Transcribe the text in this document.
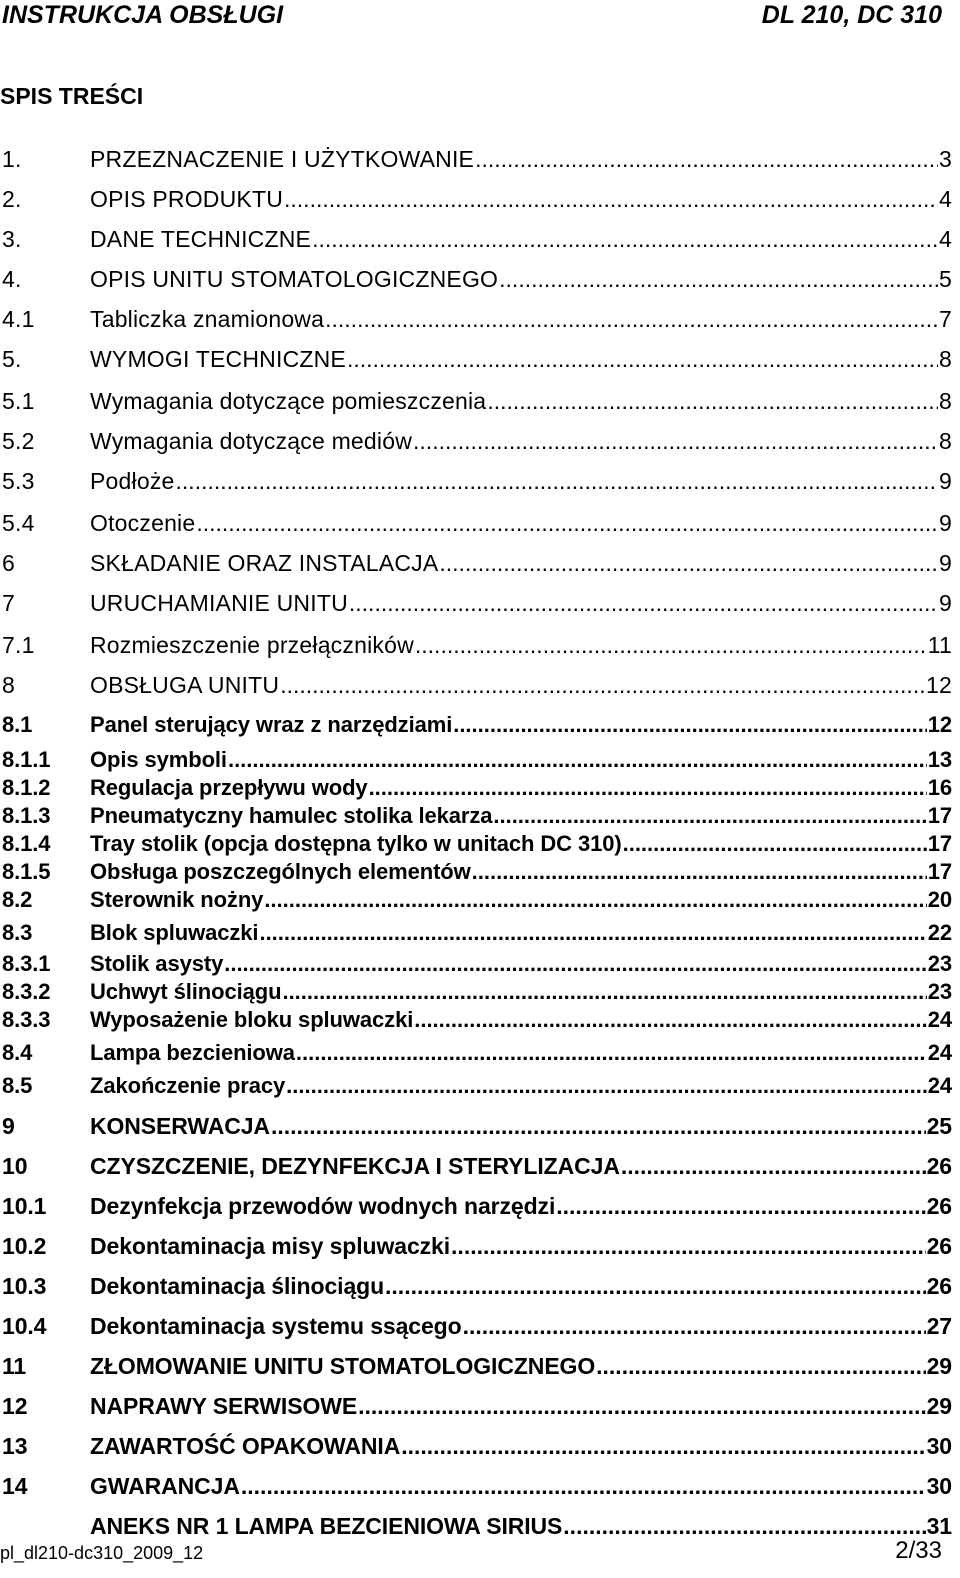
INSTRUKCJA OBSŁUGI	DL 210, DC 310
SPIS TREŚCI
1.	PRZEZNACZENIE I UŻYTKOWANIE .....	3
2.	OPIS PRODUKTU .....	4
3.	DANE TECHNICZNE .....	4
4.	OPIS UNITU STOMATOLOGICZNEGO .....	5
4.1	Tabliczka znamionowa .....	7
5.	WYMOGI TECHNICZNE .....	8
5.1	Wymagania dotyczące pomieszczenia .....	8
5.2	Wymagania dotyczące mediów .....	8
5.3	Podłoże .....	9
5.4	Otoczenie .....	9
6	SKŁADANIE ORAZ INSTALACJA .....	9
7	URUCHAMIANIE UNITU .....	9
7.1	Rozmieszczenie przełączników .....	11
8	OBSŁUGA UNITU .....	12
8.1	Panel sterujący wraz z narzędziami .....	12
8.1.1	Opis symboli .....	13
8.1.2	Regulacja przepływu wody .....	16
8.1.3	Pneumatyczny hamulec stolika lekarza .....	17
8.1.4	Tray stolik (opcja dostępna tylko w unitach DC 310) .....	17
8.1.5	Obsługa poszczególnych elementów .....	17
8.2	Sterownik nożny .....	20
8.3	Blok spluwaczki .....	22
8.3.1	Stolik asysty .....	23
8.3.2	Uchwyt ślinociągu .....	23
8.3.3	Wyposażenie bloku spluwaczki .....	24
8.4	Lampa bezcieniowa .....	24
8.5	Zakończenie pracy .....	24
9	KONSERWACJA .....	25
10	CZYSZCZENIE, DEZYNFEKCJA I STERYLIZACJA .....	26
10.1	Dezynfekcja przewodów wodnych narzędzi .....	26
10.2	Dekontaminacja misy spluwaczki .....	26
10.3	Dekontaminacja ślinociągu .....	26
10.4	Dekontaminacja systemu ssącego .....	27
11	ZŁOMOWANIE UNITU STOMATOLOGICZNEGO .....	29
12	NAPRAWY SERWISOWE .....	29
13	ZAWARTOŚĆ OPAKOWANIA .....	30
14	GWARANCJA .....	30
ANEKS NR 1 LAMPA BEZCIENIOWA SIRIUS .....	31
pl_dl210-dc310_2009_12	2/33
